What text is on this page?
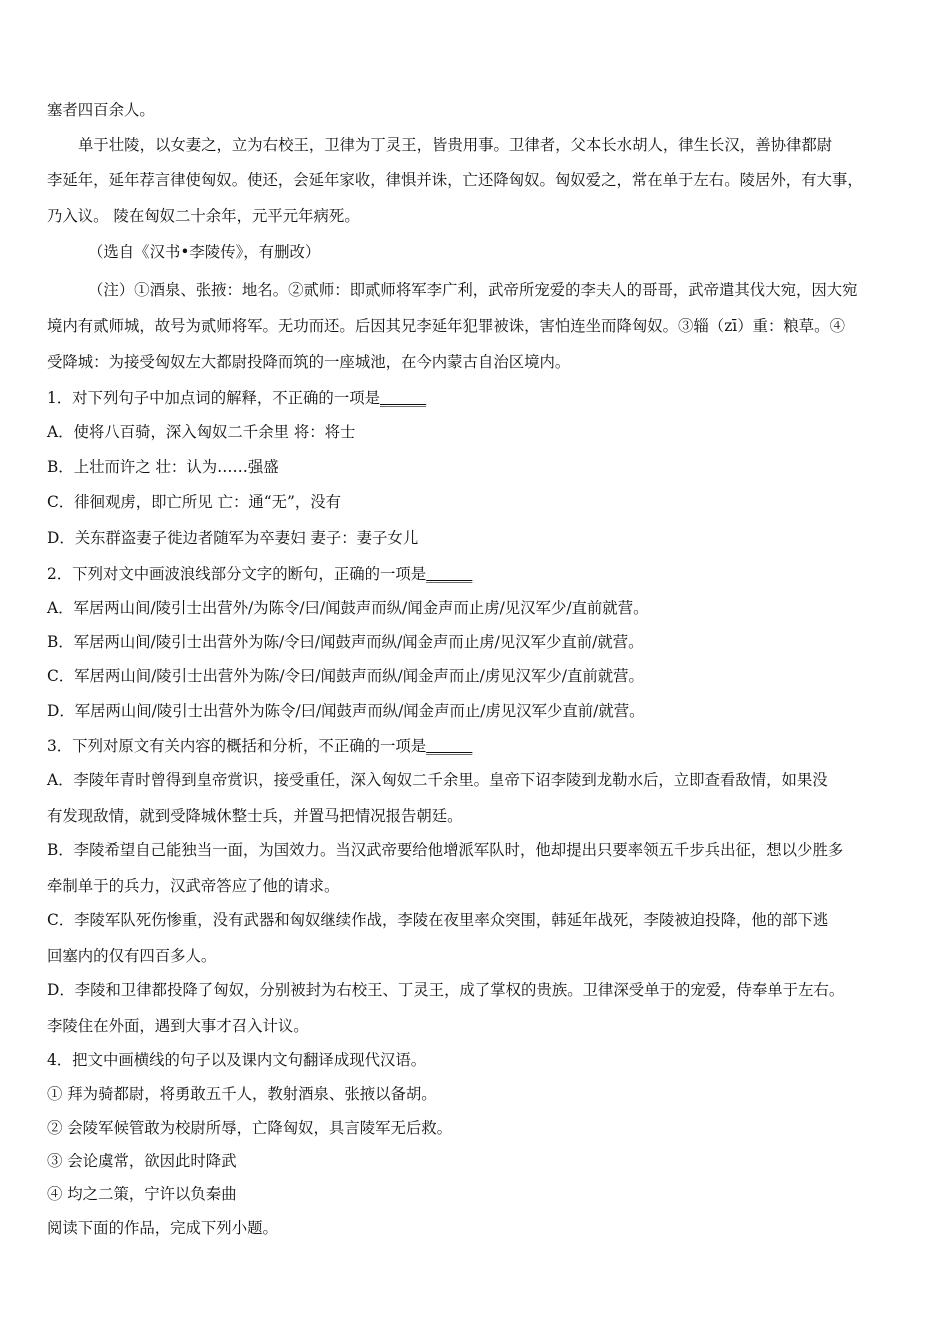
塞者四百余人。

单于壮陵，以女妻之，立为右校王，卫律为丁灵王，皆贵用事。卫律者，父本长水胡人，律生长汉，善协律都尉

李延年，延年荐言律使匈奴。使还，会延年家收，律惧并诛，亡还降匈奴。匈奴爱之，常在单于左右。陵居外，有大事，

乃入议。 陵在匈奴二十余年，元平元年病死。

（选自《汉书•李陵传》，有删改）

（注）①酒泉、张掖：地名。②贰师：即贰师将军李广利，武帝所宠爱的李夫人的哥哥，武帝遣其伐大宛，因大宛

境内有贰师城，故号为贰师将军。无功而还。后因其兄李延年犯罪被诛，害怕连坐而降匈奴。③辎（zī）重：粮草。④

受降城：为接受匈奴左大都尉投降而筑的一座城池，在今内蒙古自治区境内。

1．对下列句子中加点词的解释，不正确的一项是______

A．使将八百骑，深入匈奴二千余里 将：将士

B．上壮而许之 壮：认为……强盛

C．徘徊观虏，即亡所见 亡：通“无”，没有

D．关东群盗妻子徙边者随军为卒妻妇 妻子：妻子女儿

2．下列对文中画波浪线部分文字的断句，正确的一项是______

A．军居两山间/陵引士出营外/为陈令/曰/闻鼓声而纵/闻金声而止虏/见汉军少/直前就营。

B．军居两山间/陵引士出营外为陈/令曰/闻鼓声而纵/闻金声而止虏/见汉军少直前/就营。

C．军居两山间/陵引士出营外为陈/令曰/闻鼓声而纵/闻金声而止/虏见汉军少/直前就营。

D．军居两山间/陵引士出营外为陈令/曰/闻鼓声而纵/闻金声而止/虏见汉军少直前/就营。

3．下列对原文有关内容的概括和分析，不正确的一项是______

A．李陵年青时曾得到皇帝赏识，接受重任，深入匈奴二千余里。皇帝下诏李陵到龙勒水后，立即查看敌情，如果没

有发现敌情，就到受降城休整士兵，并置马把情况报告朝廷。

B．李陵希望自己能独当一面，为国效力。当汉武帝要给他增派军队时，他却提出只要率领五千步兵出征，想以少胜多

牵制单于的兵力，汉武帝答应了他的请求。

C．李陵军队死伤惨重，没有武器和匈奴继续作战，李陵在夜里率众突围，韩延年战死，李陵被迫投降，他的部下逃

回塞内的仅有四百多人。

D．李陵和卫律都投降了匈奴，分别被封为右校王、丁灵王，成了掌权的贵族。卫律深受单于的宠爱，侍奉单于左右。

李陵住在外面，遇到大事才召入计议。

4．把文中画横线的句子以及课内文句翻译成现代汉语。

① 拜为骑都尉，将勇敢五千人，教射酒泉、张掖以备胡。

② 会陵军候管敢为校尉所辱，亡降匈奴，具言陵军无后救。

③ 会论虞常，欲因此时降武

④ 均之二策，宁许以负秦曲

阅读下面的作品，完成下列小题。
